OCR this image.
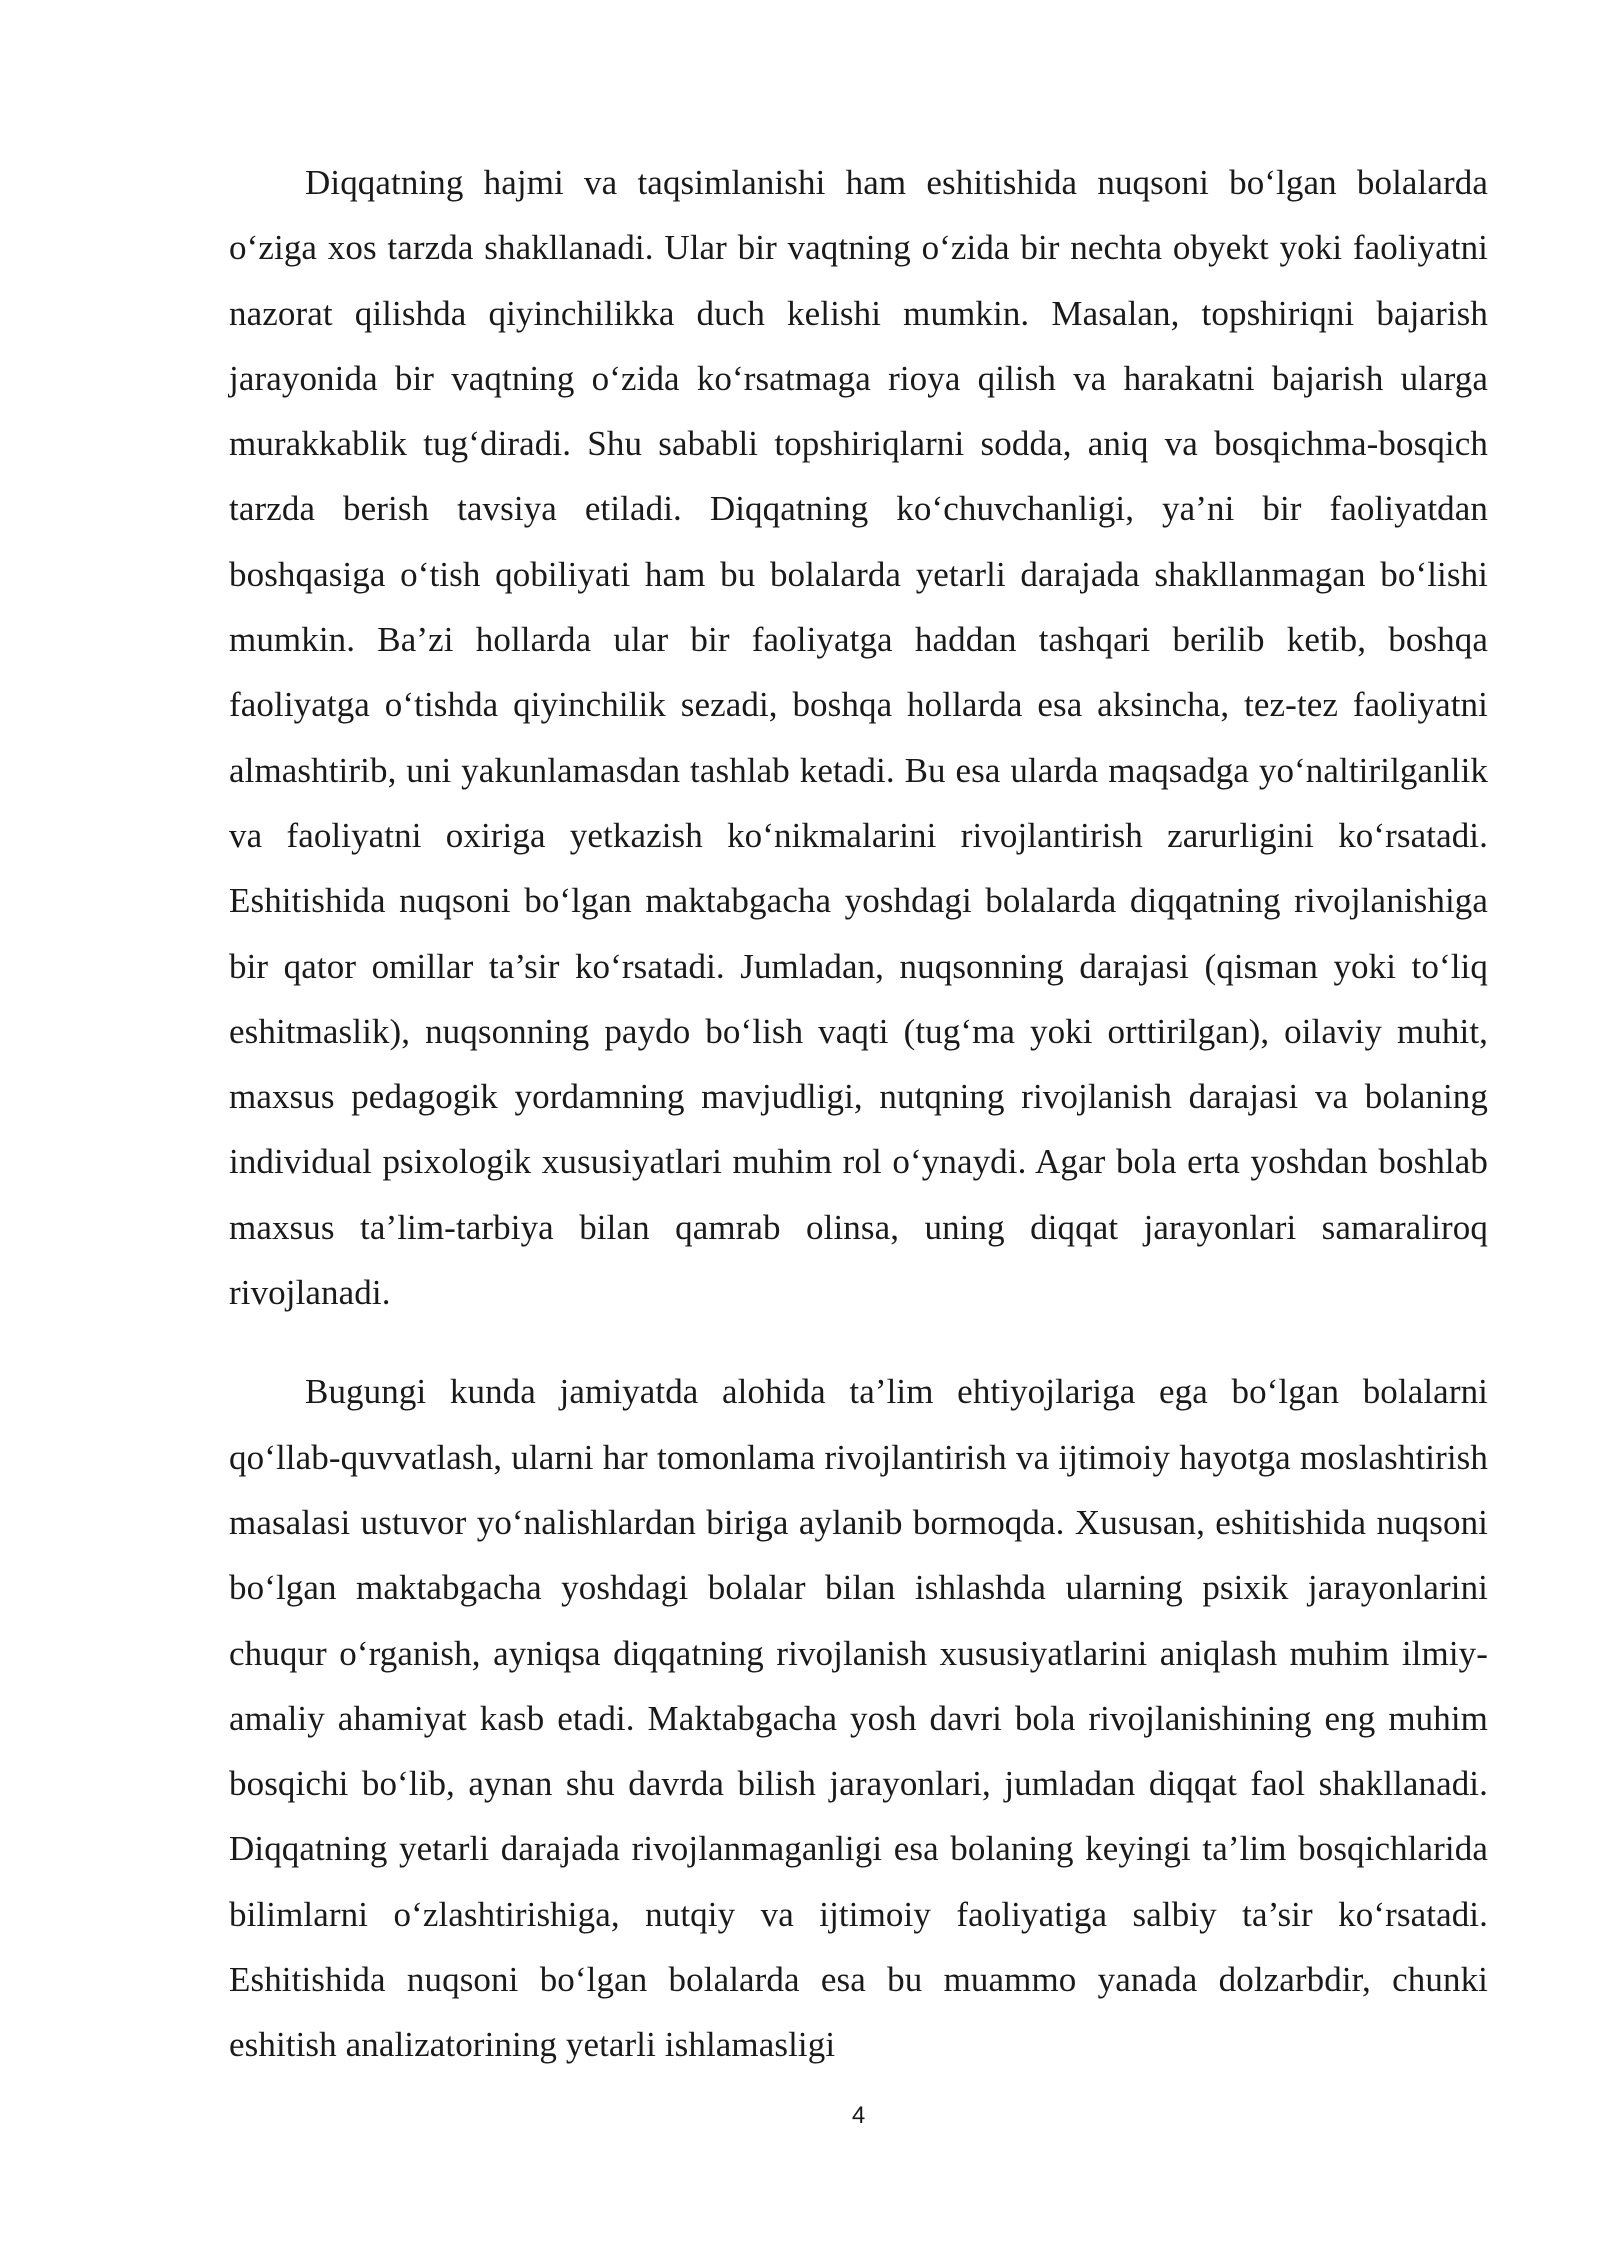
Diqqatning hajmi va taqsimlanishi ham eshitishida nuqsoni bo‘lgan bolalarda o‘ziga xos tarzda shakllanadi. Ular bir vaqtning o‘zida bir nechta obyekt yoki faoliyatni nazorat qilishda qiyinchilikka duch kelishi mumkin. Masalan, topshiriqni bajarish jarayonida bir vaqtning o‘zida ko‘rsatmaga rioya qilish va harakatni bajarish ularga murakkablik tug‘diradi. Shu sababli topshiriqlarni sodda, aniq va bosqichma-bosqich tarzda berish tavsiya etiladi. Diqqatning ko‘chuvchanligi, ya’ni bir faoliyatdan boshqasiga o‘tish qobiliyati ham bu bolalarda yetarli darajada shakllanmagan bo‘lishi mumkin. Ba’zi hollarda ular bir faoliyatga haddan tashqari berilib ketib, boshqa faoliyatga o‘tishda qiyinchilik sezadi, boshqa hollarda esa aksincha, tez-tez faoliyatni almashtirib, uni yakunlamasdan tashlab ketadi. Bu esa ularda maqsadga yo‘naltirilganlik va faoliyatni oxiriga yetkazish ko‘nikmalarini rivojlantirish zarurligini ko‘rsatadi. Eshitishida nuqsoni bo‘lgan maktabgacha yoshdagi bolalarda diqqatning rivojlanishiga bir qator omillar ta’sir ko‘rsatadi. Jumladan, nuqsonning darajasi (qisman yoki to‘liq eshitmaslik), nuqsonning paydo bo‘lish vaqti (tug‘ma yoki orttirilgan), oilaviy muhit, maxsus pedagogik yordamning mavjudligi, nutqning rivojlanish darajasi va bolaning individual psixologik xususiyatlari muhim rol o‘ynaydi. Agar bola erta yoshdan boshlab maxsus ta’lim-tarbiya bilan qamrab olinsa, uning diqqat jarayonlari samaraliroq rivojlanadi.

Bugungi kunda jamiyatda alohida ta’lim ehtiyojlariga ega bo‘lgan bolalarni qo‘llab-quvvatlash, ularni har tomonlama rivojlantirish va ijtimoiy hayotga moslashtirish masalasi ustuvor yo‘nalishlardan biriga aylanib bormoqda. Xususan, eshitishida nuqsoni bo‘lgan maktabgacha yoshdagi bolalar bilan ishlashda ularning psixik jarayonlarini chuqur o‘rganish, ayniqsa diqqatning rivojlanish xususiyatlarini aniqlash muhim ilmiy-amaliy ahamiyat kasb etadi. Maktabgacha yosh davri bola rivojlanishining eng muhim bosqichi bo‘lib, aynan shu davrda bilish jarayonlari, jumladan diqqat faol shakllanadi. Diqqatning yetarli darajada rivojlanmaganligi esa bolaning keyingi ta’lim bosqichlarida bilimlarni o‘zlashtirishiga, nutqiy va ijtimoiy faoliyatiga salbiy ta’sir ko‘rsatadi. Eshitishida nuqsoni bo‘lgan bolalarda esa bu muammo yanada dolzarbdir, chunki eshitish analizatorining yetarli ishlamasligi

4
